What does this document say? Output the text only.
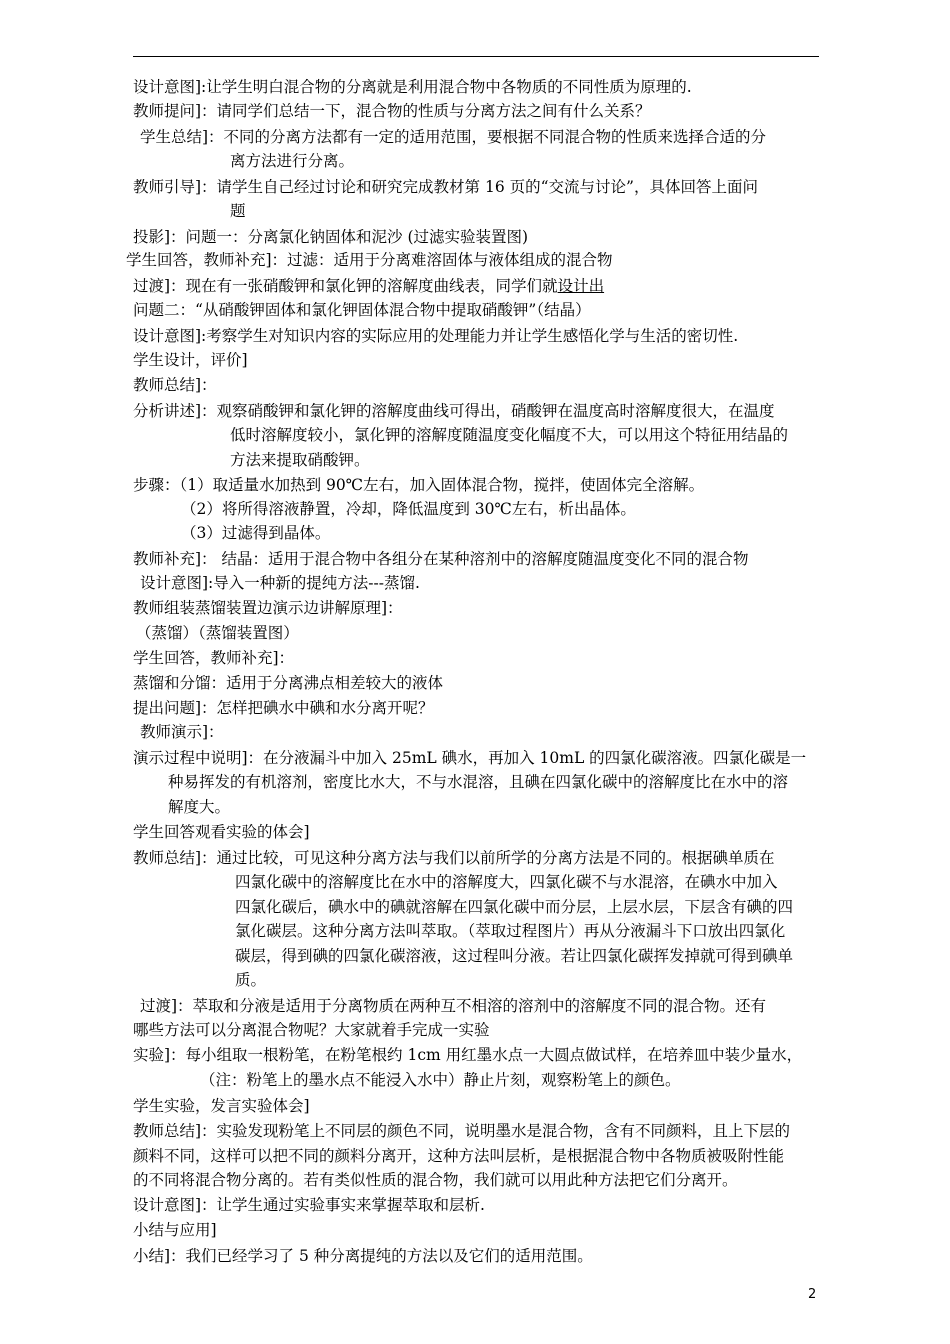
设计意图]:让学生明白混合物的分离就是利用混合物中各物质的不同性质为原理的.
教师提问]：请同学们总结一下，混合物的性质与分离方法之间有什么关系？
学生总结]：不同的分离方法都有一定的适用范围，要根据不同混合物的性质来选择合适的分
离方法进行分离。
教师引导]：请学生自己经过讨论和研究完成教材第 16 页的“交流与讨论”，具体回答上面问
题
投影]：问题一：分离氯化钠固体和泥沙 (过滤实验装置图)
学生回答，教师补充]：过滤：适用于分离难溶固体与液体组成的混合物
过渡]：现在有一张硝酸钾和氯化钾的溶解度曲线表，同学们就设计出
问题二：“从硝酸钾固体和氯化钾固体混合物中提取硝酸钾”（结晶）
设计意图]:考察学生对知识内容的实际应用的处理能力并让学生感悟化学与生活的密切性.
学生设计，评价]
教师总结]：
分析讲述]：观察硝酸钾和氯化钾的溶解度曲线可得出，硝酸钾在温度高时溶解度很大，在温度
低时溶解度较小，氯化钾的溶解度随温度变化幅度不大，可以用这个特征用结晶的
方法来提取硝酸钾。
步骤：（1）取适量水加热到 90℃左右，加入固体混合物，搅拌，使固体完全溶解。
（2）将所得溶液静置，冷却，降低温度到 30℃左右，析出晶体。
（3）过滤得到晶体。
教师补充]： 结晶：适用于混合物中各组分在某种溶剂中的溶解度随温度变化不同的混合物
设计意图]:导入一种新的提纯方法---蒸馏.
教师组装蒸馏装置边演示边讲解原理]：
（蒸馏）（蒸馏装置图）
学生回答，教师补充]：
蒸馏和分馏：适用于分离沸点相差较大的液体
提出问题]：怎样把碘水中碘和水分离开呢？
教师演示]：
演示过程中说明]：在分液漏斗中加入 25mL 碘水，再加入 10mL 的四氯化碳溶液。四氯化碳是一
种易挥发的有机溶剂，密度比水大，不与水混溶，且碘在四氯化碳中的溶解度比在水中的溶
解度大。
学生回答观看实验的体会]
教师总结]：通过比较，可见这种分离方法与我们以前所学的分离方法是不同的。根据碘单质在
四氯化碳中的溶解度比在水中的溶解度大，四氯化碳不与水混溶，在碘水中加入
四氯化碳后，碘水中的碘就溶解在四氯化碳中而分层，上层水层，下层含有碘的四
氯化碳层。这种分离方法叫萃取。（萃取过程图片）再从分液漏斗下口放出四氯化
碳层，得到碘的四氯化碳溶液，这过程叫分液。若让四氯化碳挥发掉就可得到碘单
质。
过渡]：萃取和分液是适用于分离物质在两种互不相溶的溶剂中的溶解度不同的混合物。还有
哪些方法可以分离混合物呢？大家就着手完成一实验
实验]：每小组取一根粉笔，在粉笔根约 1cm 用红墨水点一大圆点做试样，在培养皿中装少量水，
（注：粉笔上的墨水点不能浸入水中）静止片刻，观察粉笔上的颜色。
学生实验，发言实验体会]
教师总结]：实验发现粉笔上不同层的颜色不同，说明墨水是混合物，含有不同颜料，且上下层的
颜料不同，这样可以把不同的颜料分离开，这种方法叫层析，是根据混合物中各物质被吸附性能
的不同将混合物分离的。若有类似性质的混合物，我们就可以用此种方法把它们分离开。
设计意图]：让学生通过实验事实来掌握萃取和层析.
小结与应用]
小结]：我们已经学习了 5 种分离提纯的方法以及它们的适用范围。
2
